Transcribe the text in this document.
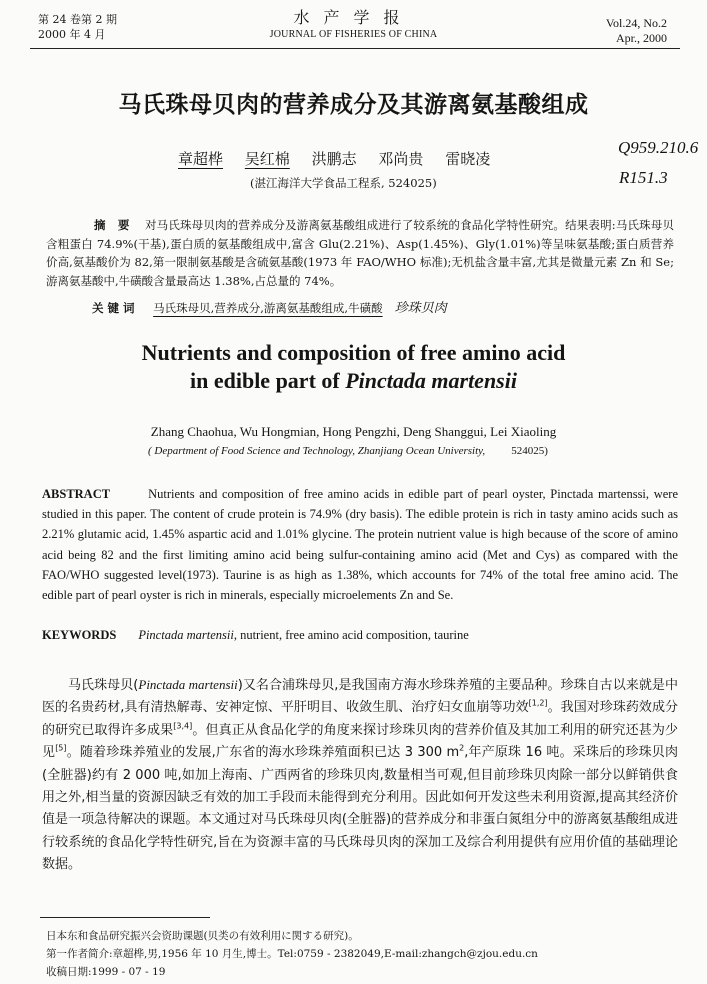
第 24 卷第 2 期
2000 年 4 月
水产学报
JOURNAL OF FISHERIES OF CHINA
Vol.24, No.2
Apr., 2000
马氏珠母贝肉的营养成分及其游离氨基酸组成
章超桦 吴红棉 洪鹏志 邓尚贵 雷晓凌
Q959.210.6
R151.3
(湛江海洋大学食品工程系, 524025)
摘 要 对马氏珠母贝肉的营养成分及游离氨基酸组成进行了较系统的食品化学特性研究。结果表明:马氏珠母贝含粗蛋白 74.9%(干基),蛋白质的氨基酸组成中,富含 Glu(2.21%)、Asp(1.45%)、Gly(1.01%)等呈味氨基酸;蛋白质营养价高,氨基酸价为 82,第一限制氨基酸是含硫氨基酸(1973 年 FAO/WHO 标准);无机盐含量丰富,尤其是微量元素 Zn 和 Se;游离氨基酸中,牛磺酸含量最高达 1.38%,占总量的 74%。
关键词 马氏珠母贝,营养成分,游离氨基酸组成,牛磺酸 珍珠贝肉
Nutrients and composition of free amino acid
in edible part of Pinctada martensii
Zhang Chaohua, Wu Hongmian, Hong Pengzhi, Deng Shanggui, Lei Xiaoling
( Department of Food Science and Technology, Zhanjiang Ocean University, 524025)
ABSTRACT	Nutrients and composition of free amino acids in edible part of pearl oyster, Pinctada martenssi, were studied in this paper. The content of crude protein is 74.9% (dry basis). The edible protein is rich in tasty amino acids such as 2.21% glutamic acid, 1.45% aspartic acid and 1.01% glycine. The protein nutrient value is high because of the score of amino acid being 82 and the first limiting amino acid being sulfur-containing amino acid (Met and Cys) as compared with the FAO/WHO suggested level(1973). Taurine is as high as 1.38%, which accounts for 74% of the total free amino acid. The edible part of pearl oyster is rich in minerals, especially microelements Zn and Se.
KEYWORDS Pinctada martensii, nutrient, free amino acid composition, taurine

马氏珠母贝(Pinctada martensii)又名合浦珠母贝,是我国南方海水珍珠养殖的主要品种。珍珠自古以来就是中医的名贵药材,具有清热解毒、安神定惊、平肝明目、收敛生肌、治疗妇女血崩等功效[1,2]。我国对珍珠药效成分的研究已取得许多成果[3,4]。但真正从食品化学的角度来探讨珍珠贝肉的营养价值及其加工利用的研究还甚为少见[5]。随着珍珠养殖业的发展,广东省的海水珍珠养殖面积已达 3 300 $m^2$,年产原珠 16 吨。采珠后的珍珠贝肉(全脏器)约有 2 000 吨,如加上海南、广西两省的珍珠贝肉,数量相当可观,但目前珍珠贝肉除一部分以鲜销供食用之外,相当量的资源因缺乏有效的加工手段而未能得到充分利用。因此如何开发这些未利用资源,提高其经济价值是一项急待解决的课题。本文通过对马氏珠母贝肉(全脏器)的营养成分和非蛋白氮组分中的游离氨基酸组成进行较系统的食品化学特性研究,旨在为资源丰富的马氏珠母贝肉的深加工及综合利用提供有应用价值的基础理论数据。

日本东和食品研究振兴会资助课题(贝类の有效利用に関する研究)。
第一作者简介:章超桦,男,1956 年 10 月生,博士。Tel:0759 - 2382049,E-mail:zhangch@zjou.edu.cn
收稿日期:1999 - 07 - 19
